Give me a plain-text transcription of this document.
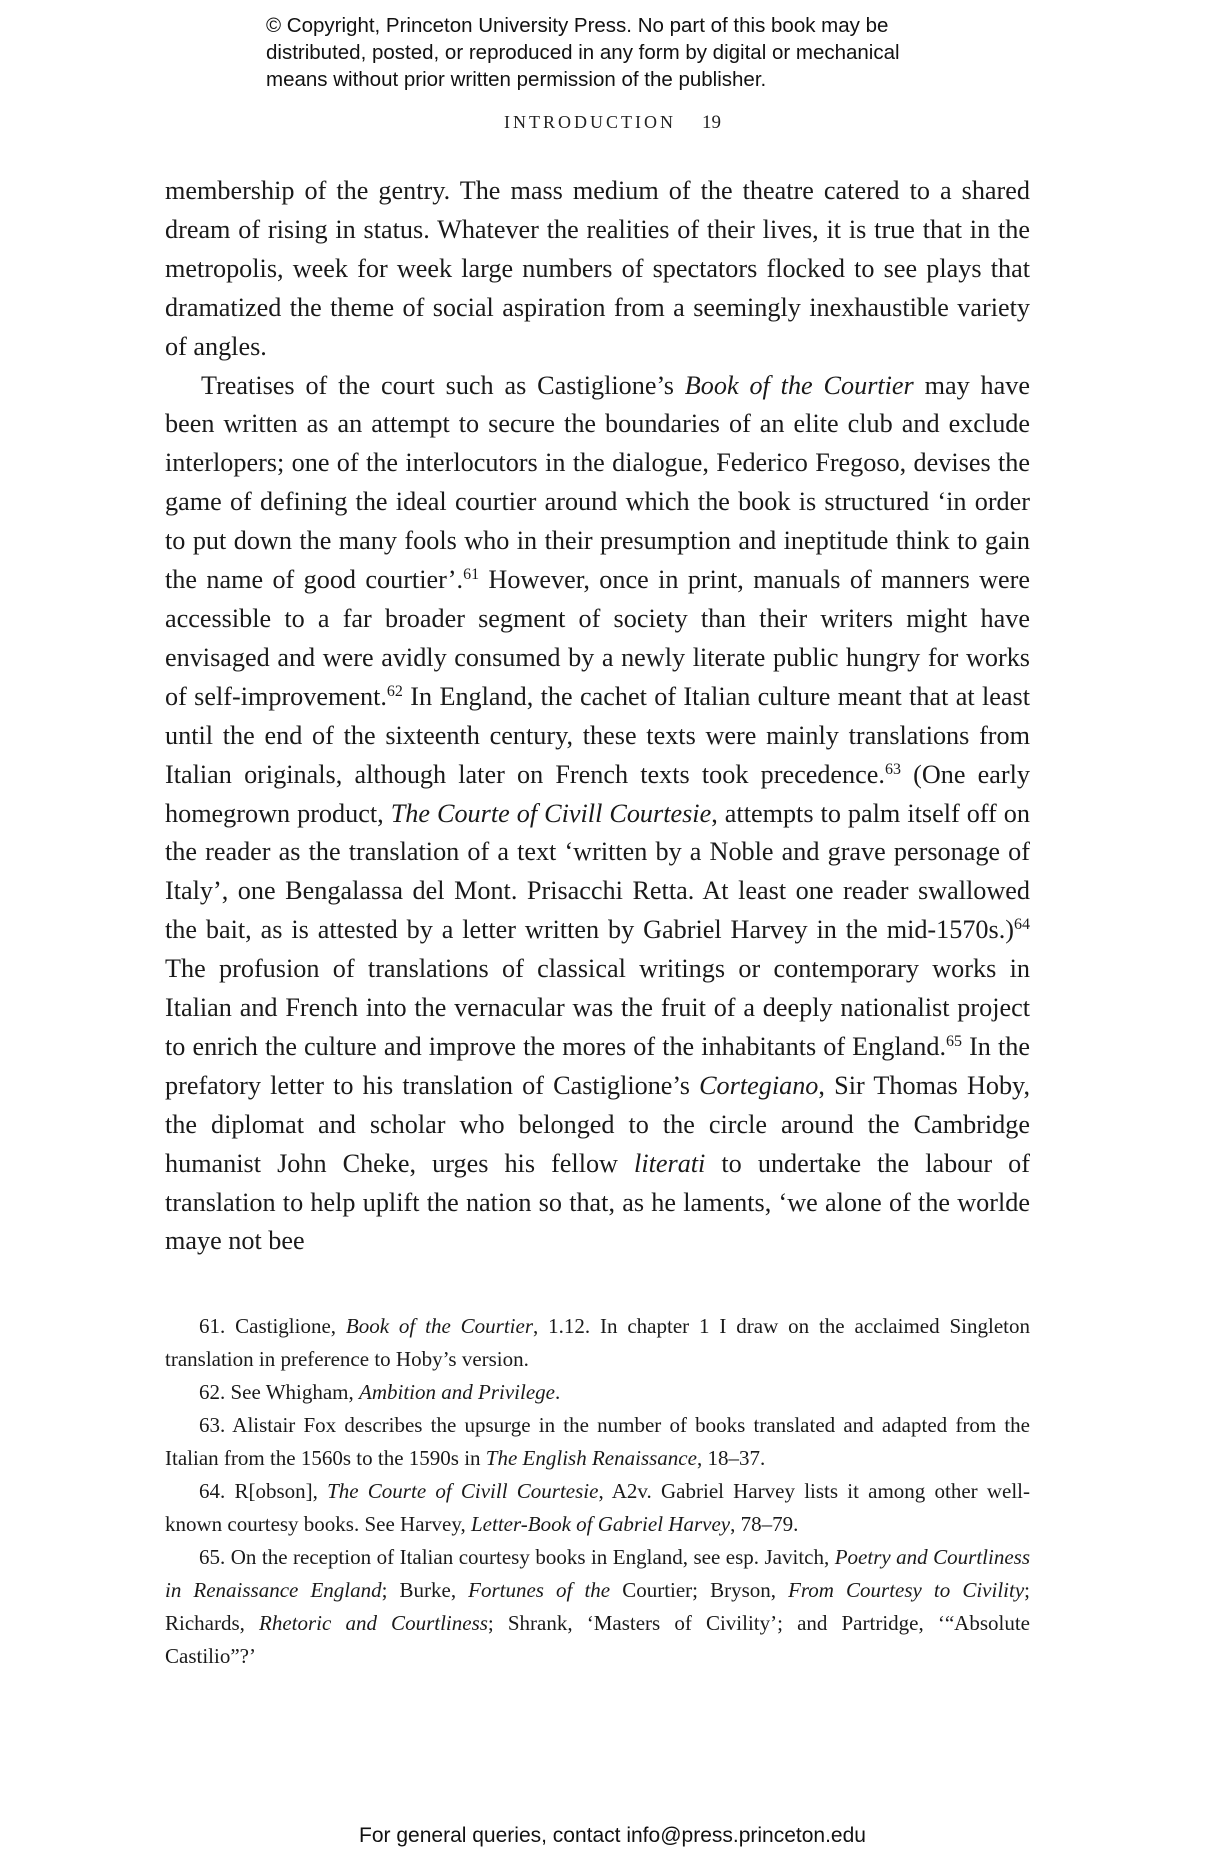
© Copyright, Princeton University Press. No part of this book may be
distributed, posted, or reproduced in any form by digital or mechanical
means without prior written permission of the publisher.
INTRODUCTION 19

membership of the gentry. The mass medium of the theatre catered to a shared dream of rising in status. Whatever the realities of their lives, it is true that in the metropolis, week for week large numbers of spectators flocked to see plays that dramatized the theme of social aspiration from a seemingly inexhaustible variety of angles.

Treatises of the court such as Castiglione’s Book of the Courtier may have been written as an attempt to secure the boundaries of an elite club and exclude interlopers; one of the interlocutors in the dialogue, Federico Fregoso, devises the game of defining the ideal courtier around which the book is structured ‘in order to put down the many fools who in their presumption and ineptitude think to gain the name of good courtier’.$^{61}$ However, once in print, manuals of manners were accessible to a far broader segment of society than their writers might have envisaged and were avidly consumed by a newly literate public hungry for works of self-improvement.$^{62}$ In England, the cachet of Italian culture meant that at least until the end of the sixteenth century, these texts were mainly translations from Italian originals, although later on French texts took precedence.$^{63}$ (One early homegrown product, The Courte of Civill Courtesie, attempts to palm itself off on the reader as the translation of a text ‘written by a Noble and grave personage of Italy’, one Bengalassa del Mont. Prisacchi Retta. At least one reader swallowed the bait, as is attested by a letter written by Gabriel Harvey in the mid-1570s.)$^{64}$ The profusion of translations of classical writings or contemporary works in Italian and French into the vernacular was the fruit of a deeply nationalist project to enrich the culture and improve the mores of the inhabitants of England.$^{65}$ In the prefatory letter to his translation of Castiglione’s Cortegiano, Sir Thomas Hoby, the diplomat and scholar who belonged to the circle around the Cambridge humanist John Cheke, urges his fellow literati to undertake the labour of translation to help uplift the nation so that, as he laments, ‘we alone of the worlde maye not bee

61. Castiglione, Book of the Courtier, 1.12. In chapter 1 I draw on the acclaimed Singleton translation in preference to Hoby’s version.

62. See Whigham, Ambition and Privilege.

63. Alistair Fox describes the upsurge in the number of books translated and adapted from the Italian from the 1560s to the 1590s in The English Renaissance, 18–37.

64. R[obson], The Courte of Civill Courtesie, A2v. Gabriel Harvey lists it among other well-known courtesy books. See Harvey, Letter-Book of Gabriel Harvey, 78–79.

65. On the reception of Italian courtesy books in England, see esp. Javitch, Poetry and Courtliness in Renaissance England; Burke, Fortunes of the Courtier; Bryson, From Courtesy to Civility; Richards, Rhetoric and Courtliness; Shrank, ‘Masters of Civility’; and Partridge, ‘“Absolute Castilio”?’

For general queries, contact info@press.princeton.edu
